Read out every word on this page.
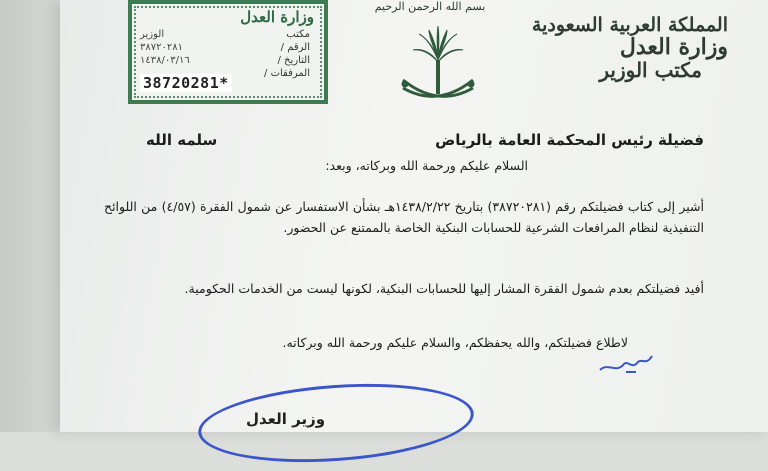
بسم الله الرحمن الرحيم
المملكة العربية السعودية
وزارة العدل
مكتب الوزير
وزارة العدل
مكتب
الوزير
الرقم /
٣٨٧٢٠٢٨١
التاريخ /
١٤٣٨/٠٣/١٦
المرفقات /
38720281*
فضيلة رئيس المحكمة العامة بالرياض
سلمه الله
السلام عليكم ورحمة الله وبركاته، وبعد:
أشير إلى كتاب فضيلتكم رقم (٣٨٧٢٠٢٨١) بتاريخ ١٤٣٨/٢/٢٢هـ بشأن الاستفسار عن شمول الفقرة (٤/٥٧) من اللوائح التنفيذية لنظام المرافعات الشرعية للحسابات البنكية الخاصة بالممتنع عن الحضور.
أفيد فضيلتكم بعدم شمول الفقرة المشار إليها للحسابات البنكية، لكونها ليست من الخدمات الحكومية.
لاطلاع فضيلتكم، والله يحفظكم، والسلام عليكم ورحمة الله وبركاته.
وزير العدل
